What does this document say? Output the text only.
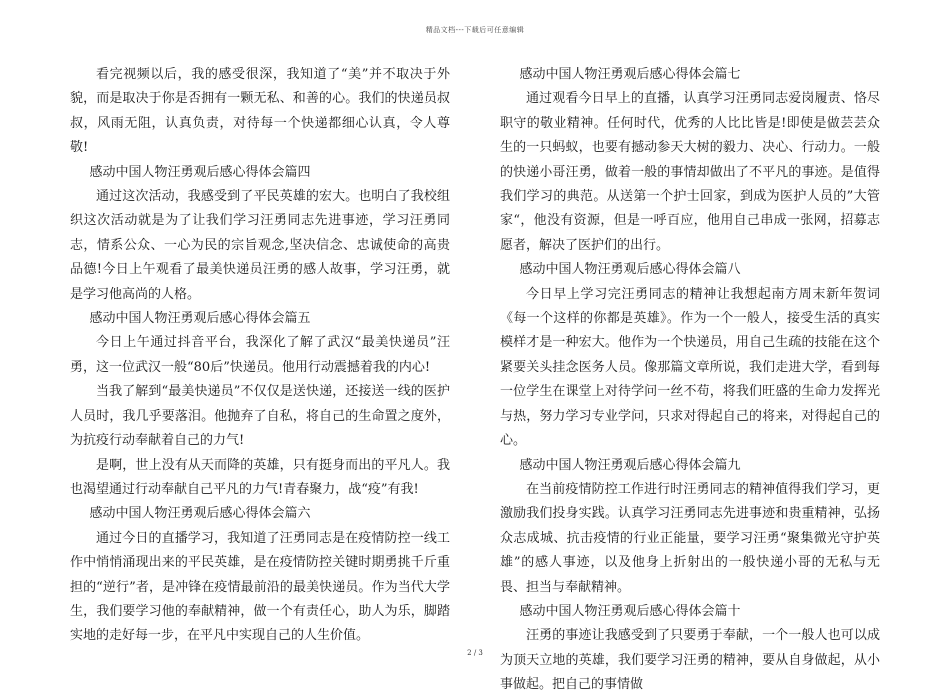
精品文档---下载后可任意编辑

看完视频以后，我的感受很深，我知道了“美”并不取决于外貌，而是取决于你是否拥有一颗无私、和善的心。我们的快递员叔叔，风雨无阻，认真负责，对待每一个快递都细心认真，令人尊敬!

感动中国人物汪勇观后感心得体会篇四

通过这次活动，我感受到了平民英雄的宏大。也明白了我校组织这次活动就是为了让我们学习汪勇同志先进事迹，学习汪勇同志，情系公众、一心为民的宗旨观念,坚决信念、忠诚使命的高贵品德!今日上午观看了最美快递员汪勇的感人故事，学习汪勇，就是学习他高尚的人格。

感动中国人物汪勇观后感心得体会篇五

今日上午通过抖音平台，我深化了解了武汉“最美快递员”汪勇，这一位武汉一般“80后”快递员。他用行动震撼着我的内心!

当我了解到“最美快递员”不仅仅是送快递，还接送一线的医护人员时，我几乎要落泪。他抛弃了自私，将自己的生命置之度外，为抗疫行动奉献着自己的力气!

是啊，世上没有从天而降的英雄，只有挺身而出的平凡人。我也渴望通过行动奉献自己平凡的力气!青春聚力，战“疫”有我!

感动中国人物汪勇观后感心得体会篇六

通过今日的直播学习，我知道了汪勇同志是在疫情防控一线工作中悄悄涌现出来的平民英雄，是在疫情防控关键时期勇挑千斤重担的“逆行”者，是冲锋在疫情最前沿的最美快递员。作为当代大学生，我们要学习他的奉献精神，做一个有责任心，助人为乐，脚踏实地的走好每一步，在平凡中实现自己的人生价值。

感动中国人物汪勇观后感心得体会篇七

通过观看今日早上的直播，认真学习汪勇同志爱岗履责、恪尽职守的敬业精神。任何时代，优秀的人比比皆是!即使是做芸芸众生的一只蚂蚁，也要有撼动参天大树的毅力、决心、行动力。一般的快递小哥汪勇，做着一般的事情却做出了不平凡的事迹。是值得我们学习的典范。从送第一个护士回家，到成为医护人员的”大管家“，他没有资源，但是一呼百应，他用自己串成一张网，招募志愿者，解决了医护们的出行。

感动中国人物汪勇观后感心得体会篇八

今日早上学习完汪勇同志的精神让我想起南方周末新年贺词《每一个这样的你都是英雄》。作为一个一般人，接受生活的真实模样才是一种宏大。他作为一个快递员，用自己生疏的技能在这个紧要关头挂念医务人员。像那篇文章所说，我们走进大学，看到每一位学生在课堂上对待学问一丝不苟，将我们旺盛的生命力发挥光与热，努力学习专业学问，只求对得起自己的将来，对得起自己的心。

感动中国人物汪勇观后感心得体会篇九

在当前疫情防控工作进行时汪勇同志的精神值得我们学习，更激励我们投身实践。认真学习汪勇同志先进事迹和贵重精神，弘扬众志成城、抗击疫情的行业正能量，要学习汪勇“聚集微光守护英雄”的感人事迹，以及他身上折射出的一般快递小哥的无私与无畏、担当与奉献精神。

感动中国人物汪勇观后感心得体会篇十

汪勇的事迹让我感受到了只要勇于奉献，一个一般人也可以成为顶天立地的英雄，我们要学习汪勇的精神，要从自身做起，从小事做起。把自己的事情做

2 / 3
